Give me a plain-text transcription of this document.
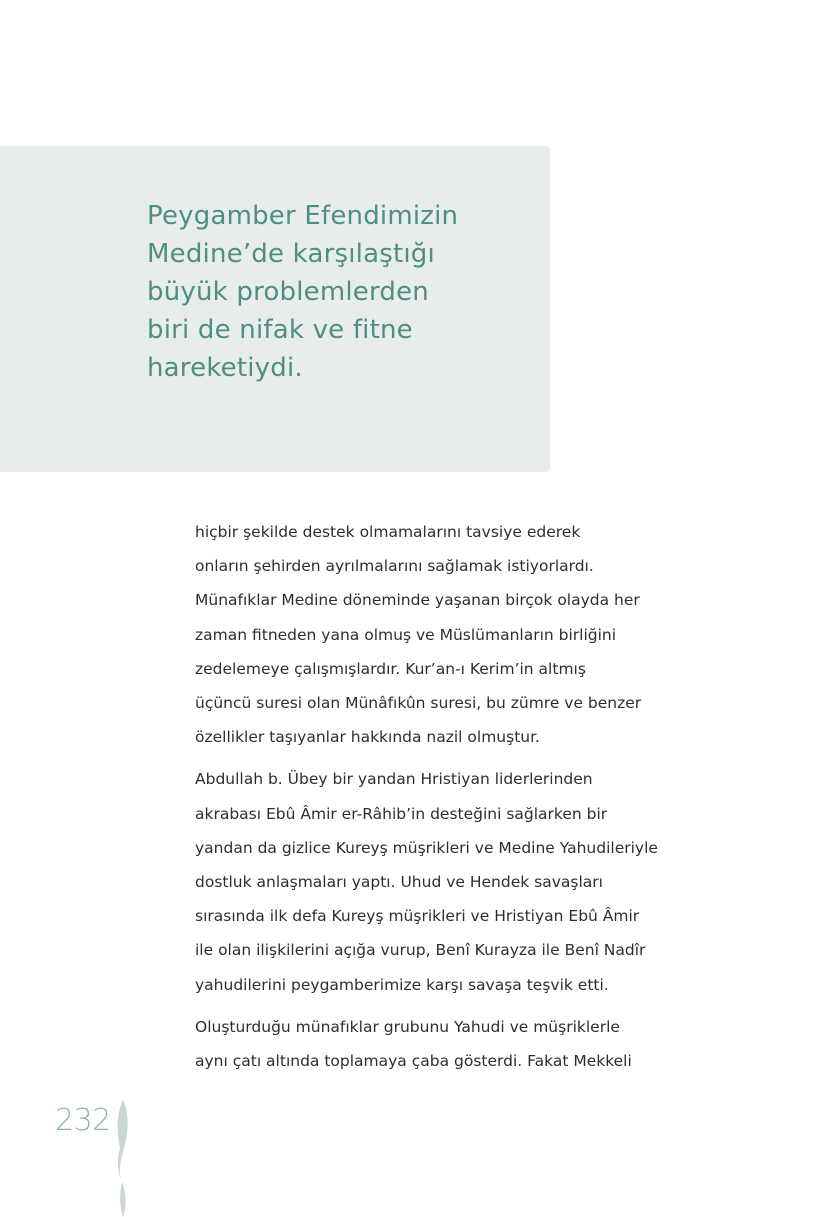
Peygamber Efendimizin
Medine’de karşılaştığı
büyük problemlerden
biri de nifak ve fitne
hareketiydi.

hiçbir şekilde destek olmamalarını tavsiye ederek
onların şehirden ayrılmalarını sağlamak istiyorlardı.
Münafıklar Medine döneminde yaşanan birçok olayda her
zaman fitneden yana olmuş ve Müslümanların birliğini
zedelemeye çalışmışlardır. Kur’an-ı Kerim’in altmış
üçüncü suresi olan Münâfıkûn suresi, bu zümre ve benzer
özellikler taşıyanlar hakkında nazil olmuştur.

Abdullah b. Übey bir yandan Hristiyan liderlerinden
akrabası Ebû Âmir er-Râhib’in desteğini sağlarken bir
yandan da gizlice Kureyş müşrikleri ve Medine Yahudileriyle
dostluk anlaşmaları yaptı. Uhud ve Hendek savaşları
sırasında ilk defa Kureyş müşrikleri ve Hristiyan Ebû Âmir
ile olan ilişkilerini açığa vurup, Benî Kurayza ile Benî Nadîr
yahudilerini peygamberimize karşı savaşa teşvik etti.

Oluşturduğu münafıklar grubunu Yahudi ve müşriklerle
aynı çatı altında toplamaya çaba gösterdi. Fakat Mekkeli

232
